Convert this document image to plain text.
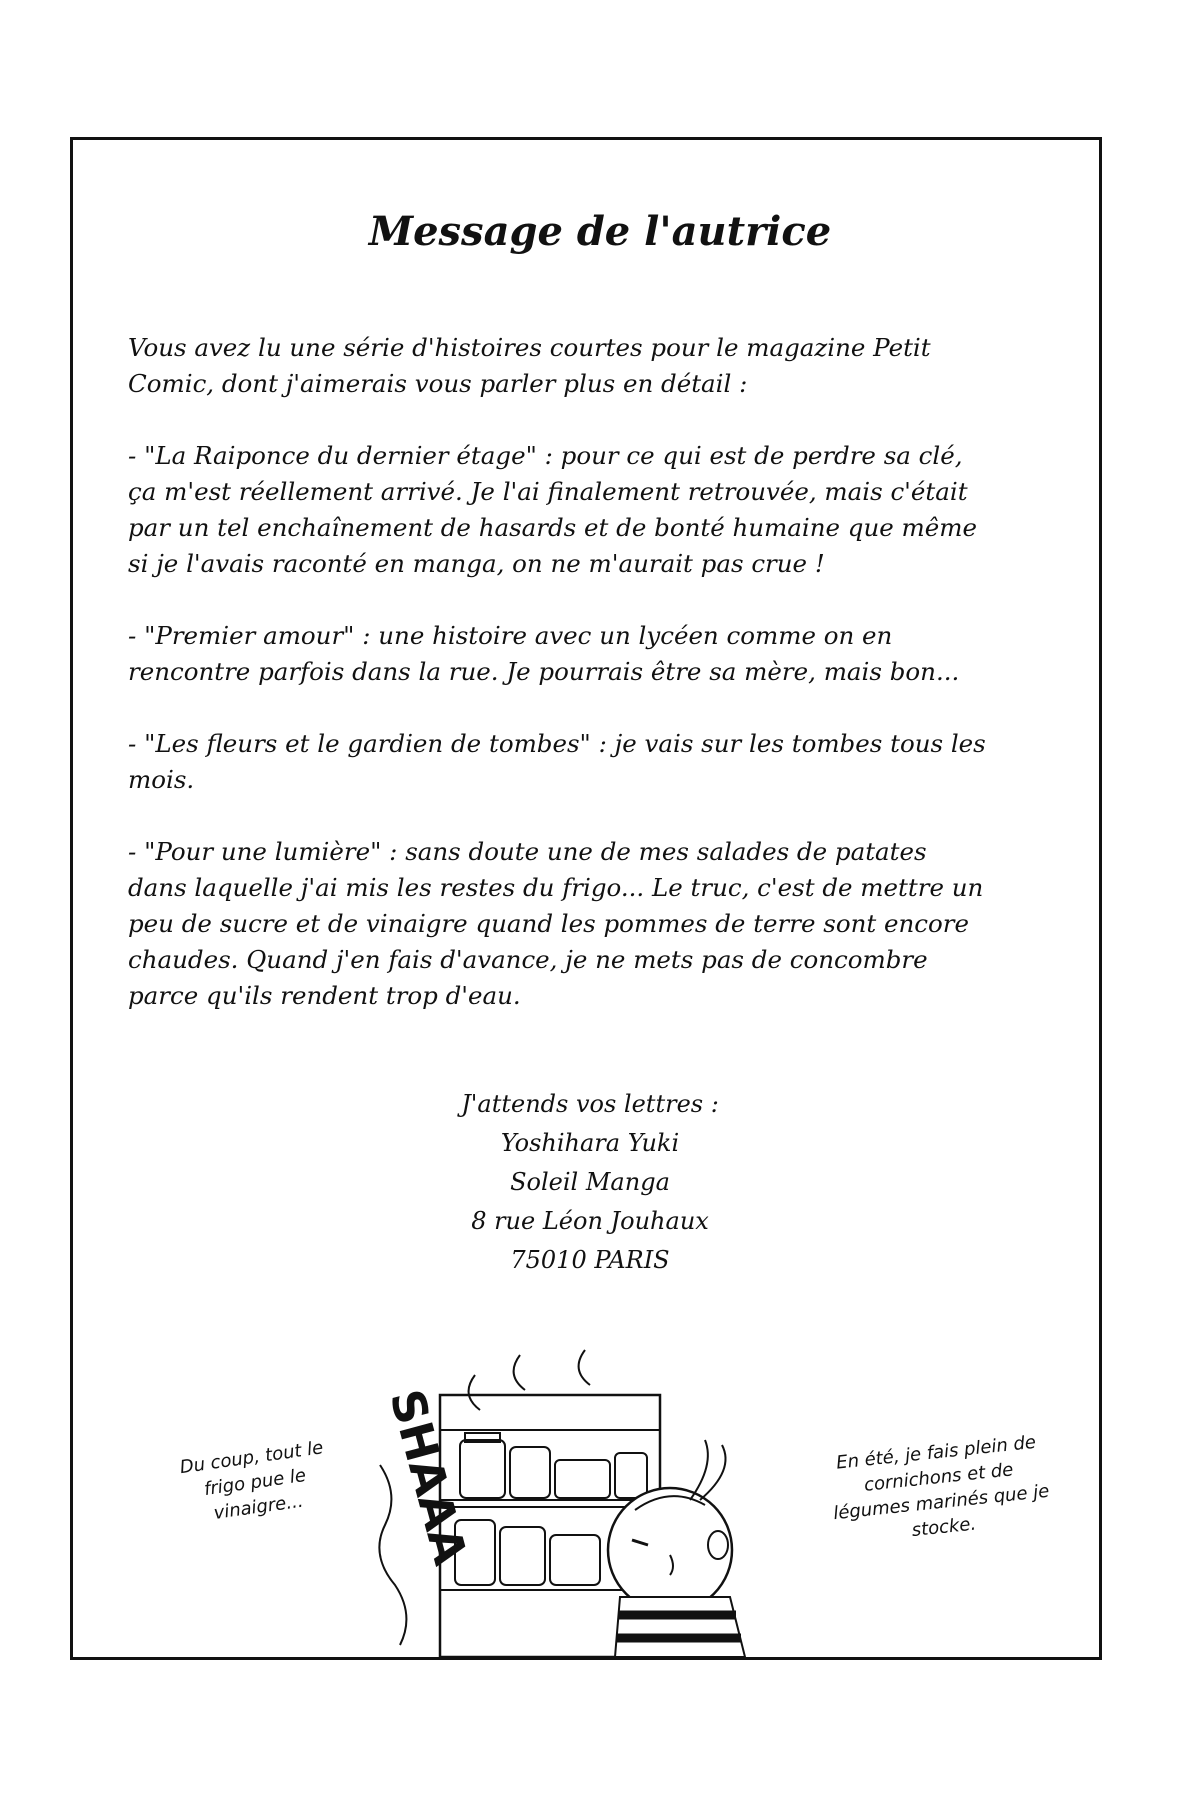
Message de l'autrice

Vous avez lu une série d'histoires courtes pour le magazine Petit Comic, dont j'aimerais vous parler plus en détail :

- "La Raiponce du dernier étage" : pour ce qui est de perdre sa clé, ça m'est réellement arrivé. Je l'ai finalement retrouvée, mais c'était par un tel enchaînement de hasards et de bonté humaine que même si je l'avais raconté en manga, on ne m'aurait pas crue !

- "Premier amour" : une histoire avec un lycéen comme on en rencontre parfois dans la rue. Je pourrais être sa mère, mais bon...

- "Les fleurs et le gardien de tombes" : je vais sur les tombes tous les mois.

- "Pour une lumière" : sans doute une de mes salades de patates dans laquelle j'ai mis les restes du frigo... Le truc, c'est de mettre un peu de sucre et de vinaigre quand les pommes de terre sont encore chaudes. Quand j'en fais d'avance, je ne mets pas de concombre parce qu'ils rendent trop d'eau.

J'attends vos lettres :
Yoshihara Yuki
Soleil Manga
8 rue Léon Jouhaux
75010 PARIS
Du coup, tout le frigo pue le vinaigre...
En été, je fais plein de cornichons et de légumes marinés que je stocke.
SHAAA
